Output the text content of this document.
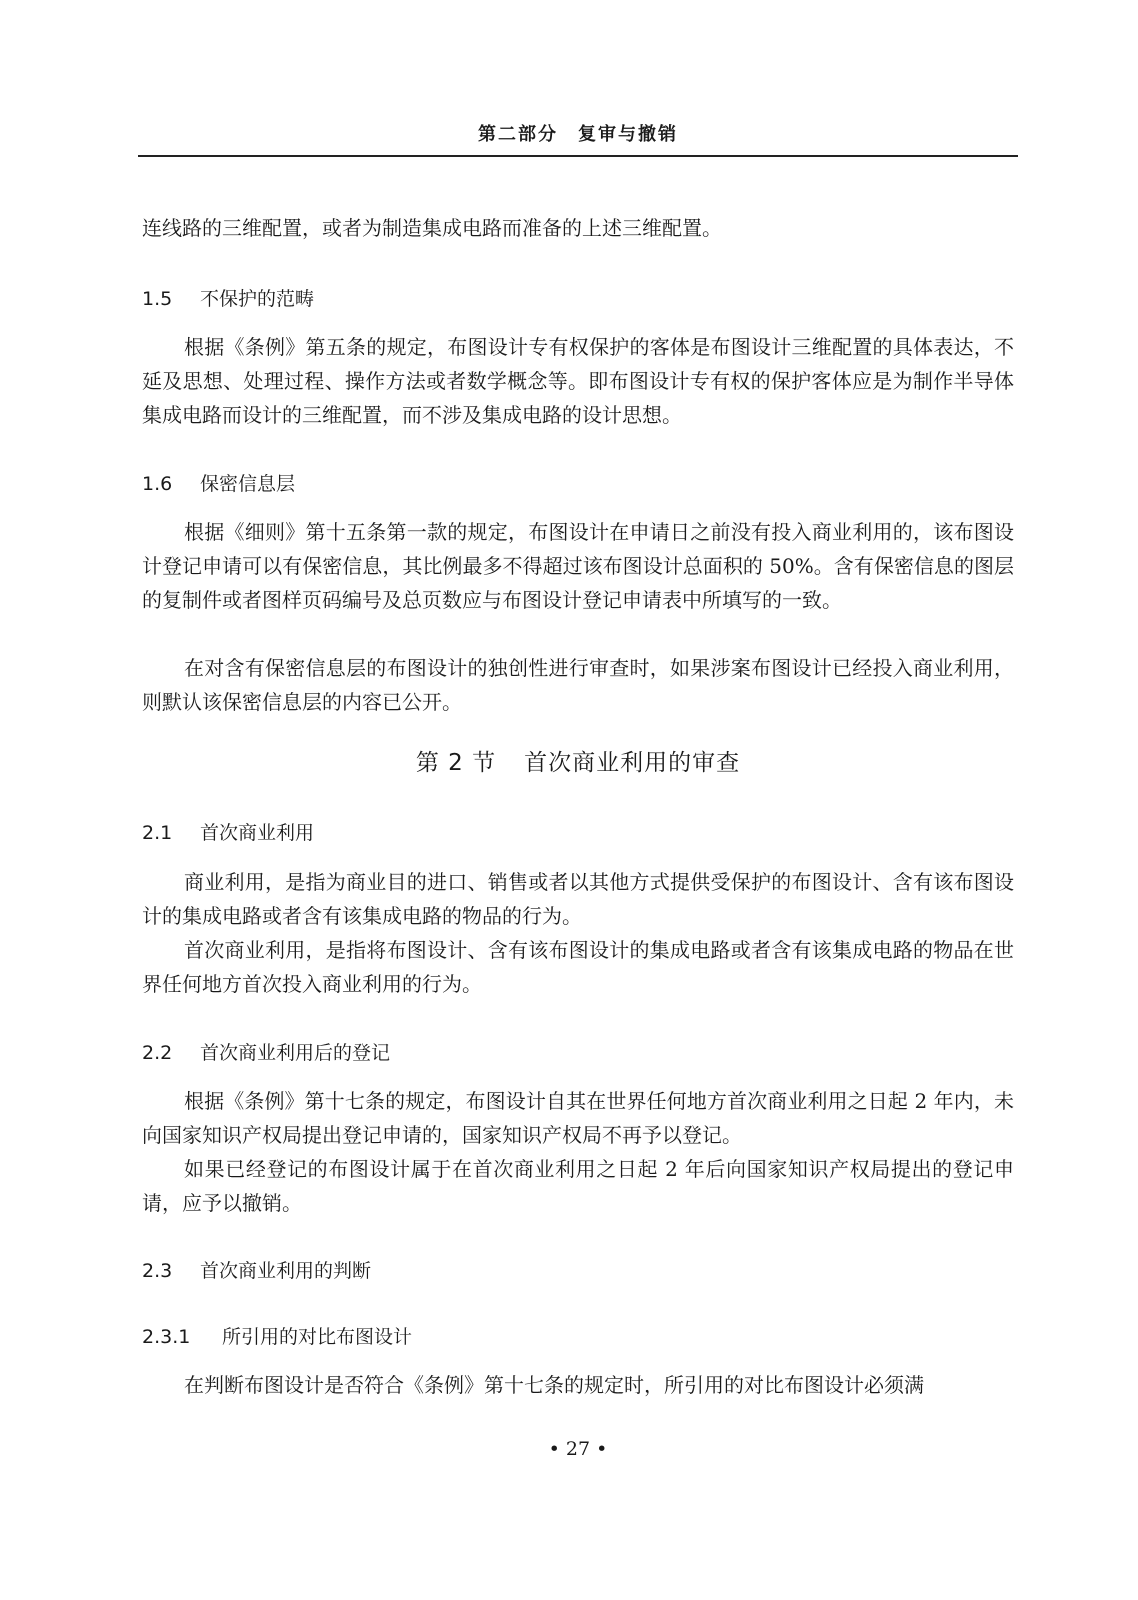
第二部分　复审与撤销
连线路的三维配置，或者为制造集成电路而准备的上述三维配置。
1.5 不保护的范畴
根据《条例》第五条的规定，布图设计专有权保护的客体是布图设计三维配置的具体表达，不延及思想、处理过程、操作方法或者数学概念等。即布图设计专有权的保护客体应是为制作半导体集成电路而设计的三维配置，而不涉及集成电路的设计思想。
1.6 保密信息层
根据《细则》第十五条第一款的规定，布图设计在申请日之前没有投入商业利用的，该布图设计登记申请可以有保密信息，其比例最多不得超过该布图设计总面积的 50%。含有保密信息的图层的复制件或者图样页码编号及总页数应与布图设计登记申请表中所填写的一致。
在对含有保密信息层的布图设计的独创性进行审查时，如果涉案布图设计已经投入商业利用，则默认该保密信息层的内容已公开。
第 2 节 首次商业利用的审查
2.1 首次商业利用
商业利用，是指为商业目的进口、销售或者以其他方式提供受保护的布图设计、含有该布图设计的集成电路或者含有该集成电路的物品的行为。
首次商业利用，是指将布图设计、含有该布图设计的集成电路或者含有该集成电路的物品在世界任何地方首次投入商业利用的行为。
2.2 首次商业利用后的登记
根据《条例》第十七条的规定，布图设计自其在世界任何地方首次商业利用之日起 2 年内，未向国家知识产权局提出登记申请的，国家知识产权局不再予以登记。
如果已经登记的布图设计属于在首次商业利用之日起 2 年后向国家知识产权局提出的登记申请，应予以撤销。
2.3 首次商业利用的判断
2.3.1 所引用的对比布图设计
在判断布图设计是否符合《条例》第十七条的规定时，所引用的对比布图设计必须满
• 27 •
